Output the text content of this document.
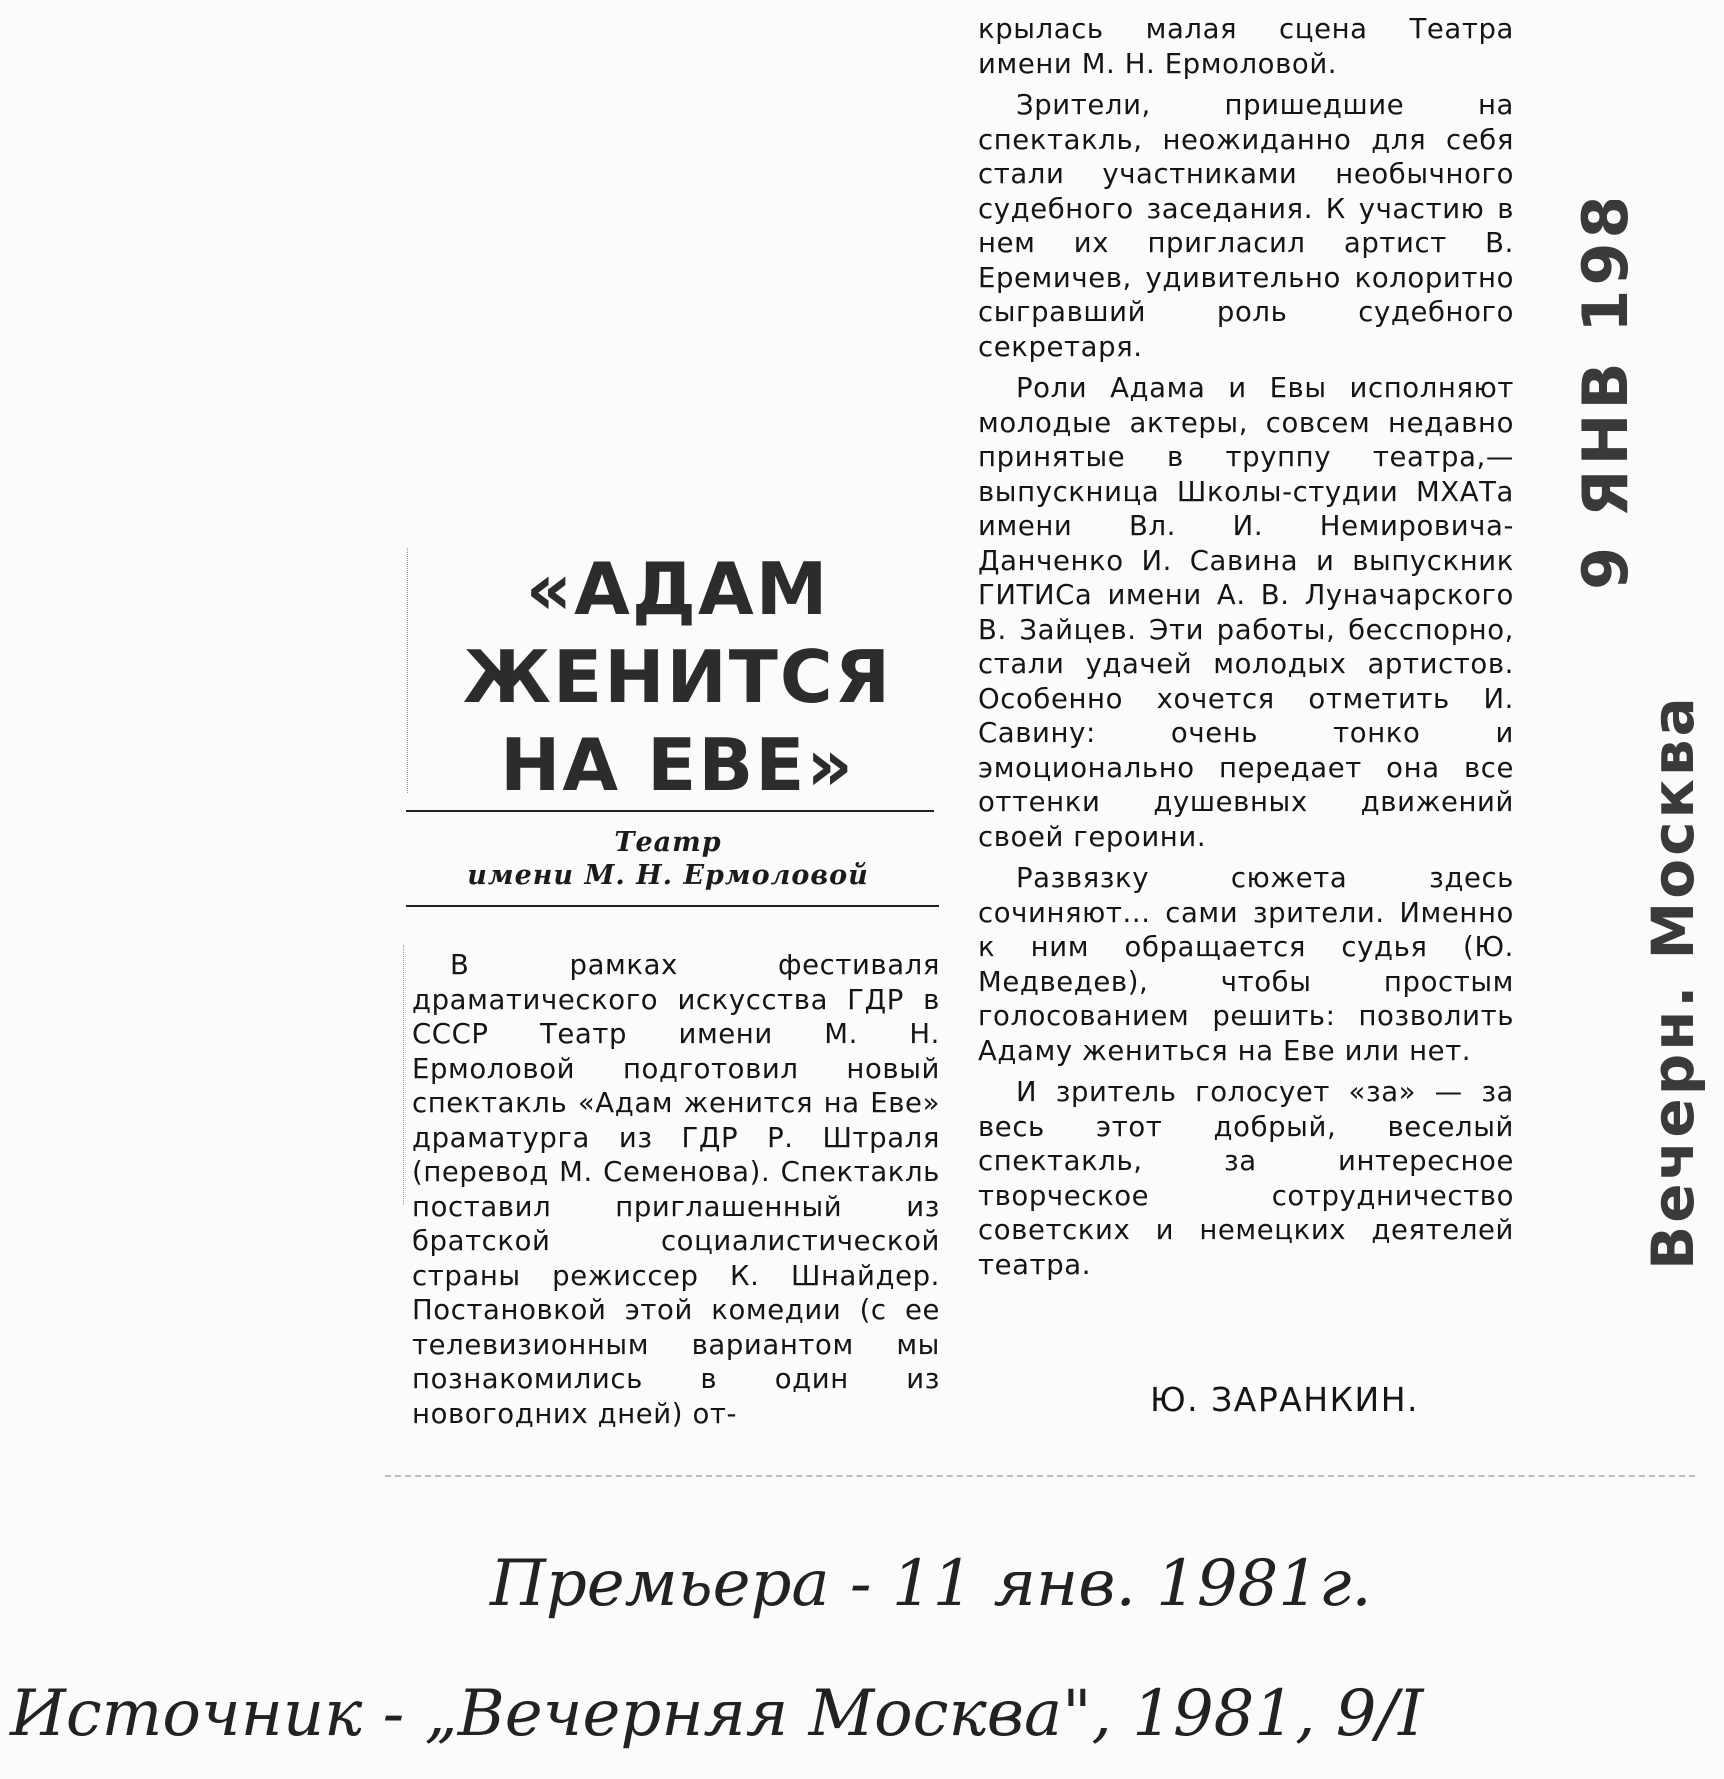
«АДАМ
ЖЕНИТСЯ
НА ЕВЕ»
Театр
имени М. Н. Ермоловой

В рамках фестиваля драматического искусства ГДР в СССР Театр имени М. Н. Ермоловой подготовил новый спектакль «Адам женится на Еве» драматурга из ГДР Р. Штраля (перевод М. Семенова). Спектакль поставил приглашенный из братской социалистической страны режиссер К. Шнайдер. Постановкой этой комедии (с ее телевизионным вариантом мы познакомились в один из новогодних дней) от-

крылась малая сцена Театра имени М. Н. Ермоловой.

Зрители, пришедшие на спектакль, неожиданно для себя стали участниками необычного судебного заседания. К участию в нем их пригласил артист В. Еремичев, удивительно колоритно сыгравший роль судебного секретаря.

Роли Адама и Евы исполняют молодые актеры, совсем недавно принятые в труппу театра,— выпускница Школы-студии МХАТа имени Вл. И. Немировича-Данченко И. Савина и выпускник ГИТИСа имени А. В. Луначарского В. Зайцев. Эти работы, бесспорно, стали удачей молодых артистов. Особенно хочется отметить И. Савину: очень тонко и эмоционально передает она все оттенки душевных движений своей героини.

Развязку сюжета здесь сочиняют... сами зрители. Именно к ним обращается судья (Ю. Медведев), чтобы простым голосованием решить: позволить Адаму жениться на Еве или нет.

И зритель голосует «за» — за весь этот добрый, веселый спектакль, за интересное творческое сотрудничество советских и немецких деятелей театра.

Ю. ЗАРАНКИН.
Вечерн. Москва
9 ЯНВ 1981
Премьера - 11 янв. 1981г.
Источник - „Вечерняя Москва", 1981, 9/I
